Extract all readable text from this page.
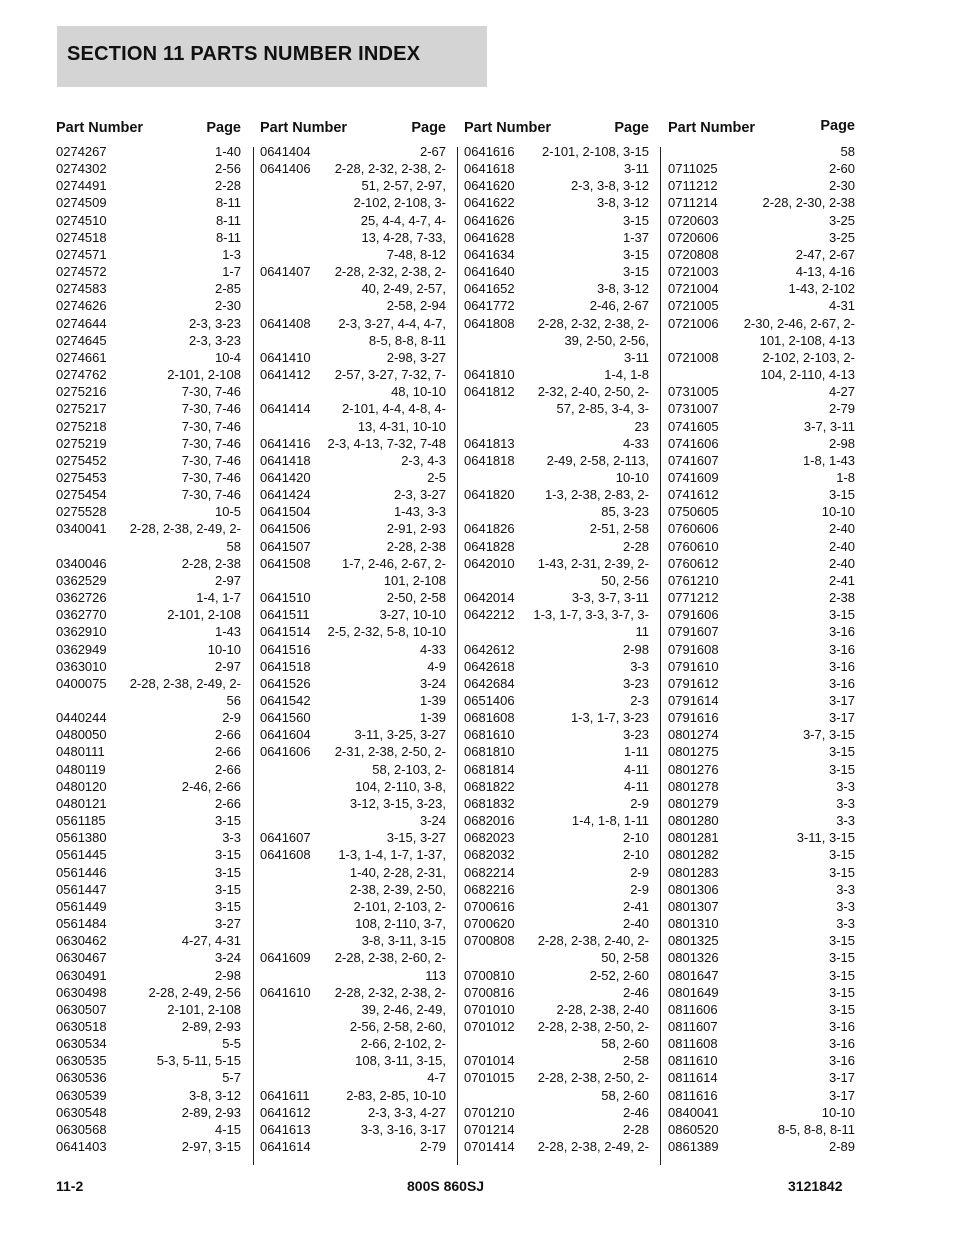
SECTION 11 PARTS NUMBER INDEX
Part Number	Page
0274267	1-40
0274302	2-56
0274491	2-28
0274509	8-11
0274510	8-11
0274518	8-11
0274571	1-3
0274572	1-7
0274583	2-85
0274626	2-30
0274644	2-3, 3-23
0274645	2-3, 3-23
0274661	10-4
0274762	2-101, 2-108
0275216	7-30, 7-46
0275217	7-30, 7-46
0275218	7-30, 7-46
0275219	7-30, 7-46
0275452	7-30, 7-46
0275453	7-30, 7-46
0275454	7-30, 7-46
0275528	10-5
0340041	2-28, 2-38, 2-49, 2-
58
0340046	2-28, 2-38
0362529	2-97
0362726	1-4, 1-7
0362770	2-101, 2-108
0362910	1-43
0362949	10-10
0363010	2-97
0400075	2-28, 2-38, 2-49, 2-
56
0440244	2-9
0480050	2-66
0480111	2-66
0480119	2-66
0480120	2-46, 2-66
0480121	2-66
0561185	3-15
0561380	3-3
0561445	3-15
0561446	3-15
0561447	3-15
0561449	3-15
0561484	3-27
0630462	4-27, 4-31
0630467	3-24
0630491	2-98
0630498	2-28, 2-49, 2-56
0630507	2-101, 2-108
0630518	2-89, 2-93
0630534	5-5
0630535	5-3, 5-11, 5-15
0630536	5-7
0630539	3-8, 3-12
0630548	2-89, 2-93
0630568	4-15
0641403	2-97, 3-15
Part Number	Page
0641404	2-67
0641406	2-28, 2-32, 2-38, 2-
51, 2-57, 2-97,
2-102, 2-108, 3-
25, 4-4, 4-7, 4-
13, 4-28, 7-33,
7-48, 8-12
0641407	2-28, 2-32, 2-38, 2-
40, 2-49, 2-57,
2-58, 2-94
0641408	2-3, 3-27, 4-4, 4-7,
8-5, 8-8, 8-11
0641410	2-98, 3-27
0641412	2-57, 3-27, 7-32, 7-
48, 10-10
0641414	2-101, 4-4, 4-8, 4-
13, 4-31, 10-10
0641416	2-3, 4-13, 7-32, 7-48
0641418	2-3, 4-3
0641420	2-5
0641424	2-3, 3-27
0641504	1-43, 3-3
0641506	2-91, 2-93
0641507	2-28, 2-38
0641508	1-7, 2-46, 2-67, 2-
101, 2-108
0641510	2-50, 2-58
0641511	3-27, 10-10
0641514	2-5, 2-32, 5-8, 10-10
0641516	4-33
0641518	4-9
0641526	3-24
0641542	1-39
0641560	1-39
0641604	3-11, 3-25, 3-27
0641606	2-31, 2-38, 2-50, 2-
58, 2-103, 2-
104, 2-110, 3-8,
3-12, 3-15, 3-23,
3-24
0641607	3-15, 3-27
0641608	1-3, 1-4, 1-7, 1-37,
1-40, 2-28, 2-31,
2-38, 2-39, 2-50,
2-101, 2-103, 2-
108, 2-110, 3-7,
3-8, 3-11, 3-15
0641609	2-28, 2-38, 2-60, 2-
113
0641610	2-28, 2-32, 2-38, 2-
39, 2-46, 2-49,
2-56, 2-58, 2-60,
2-66, 2-102, 2-
108, 3-11, 3-15,
4-7
0641611	2-83, 2-85, 10-10
0641612	2-3, 3-3, 4-27
0641613	3-3, 3-16, 3-17
0641614	2-79
Part Number	Page
0641616	2-101, 2-108, 3-15
0641618	3-11
0641620	2-3, 3-8, 3-12
0641622	3-8, 3-12
0641626	3-15
0641628	1-37
0641634	3-15
0641640	3-15
0641652	3-8, 3-12
0641772	2-46, 2-67
0641808	2-28, 2-32, 2-38, 2-
39, 2-50, 2-56,
3-11
0641810	1-4, 1-8
0641812	2-32, 2-40, 2-50, 2-
57, 2-85, 3-4, 3-
23
0641813	4-33
0641818	2-49, 2-58, 2-113,
10-10
0641820	1-3, 2-38, 2-83, 2-
85, 3-23
0641826	2-51, 2-58
0641828	2-28
0642010	1-43, 2-31, 2-39, 2-
50, 2-56
0642014	3-3, 3-7, 3-11
0642212	1-3, 1-7, 3-3, 3-7, 3-
11
0642612	2-98
0642618	3-3
0642684	3-23
0651406	2-3
0681608	1-3, 1-7, 3-23
0681610	3-23
0681810	1-11
0681814	4-11
0681822	4-11
0681832	2-9
0682016	1-4, 1-8, 1-11
0682023	2-10
0682032	2-10
0682214	2-9
0682216	2-9
0700616	2-41
0700620	2-40
0700808	2-28, 2-38, 2-40, 2-
50, 2-58
0700810	2-52, 2-60
0700816	2-46
0701010	2-28, 2-38, 2-40
0701012	2-28, 2-38, 2-50, 2-
58, 2-60
0701014	2-58
0701015	2-28, 2-38, 2-50, 2-
58, 2-60
0701210	2-46
0701214	2-28
0701414	2-28, 2-38, 2-49, 2-
Part Number	Page
58
0711025	2-60
0711212	2-30
0711214	2-28, 2-30, 2-38
0720603	3-25
0720606	3-25
0720808	2-47, 2-67
0721003	4-13, 4-16
0721004	1-43, 2-102
0721005	4-31
0721006	2-30, 2-46, 2-67, 2-
101, 2-108, 4-13
0721008	2-102, 2-103, 2-
104, 2-110, 4-13
0731005	4-27
0731007	2-79
0741605	3-7, 3-11
0741606	2-98
0741607	1-8, 1-43
0741609	1-8
0741612	3-15
0750605	10-10
0760606	2-40
0760610	2-40
0760612	2-40
0761210	2-41
0771212	2-38
0791606	3-15
0791607	3-16
0791608	3-16
0791610	3-16
0791612	3-16
0791614	3-17
0791616	3-17
0801274	3-7, 3-15
0801275	3-15
0801276	3-15
0801278	3-3
0801279	3-3
0801280	3-3
0801281	3-11, 3-15
0801282	3-15
0801283	3-15
0801306	3-3
0801307	3-3
0801310	3-3
0801325	3-15
0801326	3-15
0801647	3-15
0801649	3-15
0811606	3-15
0811607	3-16
0811608	3-16
0811610	3-16
0811614	3-17
0811616	3-17
0840041	10-10
0860520	8-5, 8-8, 8-11
0861389	2-89
11-2	800S 860SJ	3121842
